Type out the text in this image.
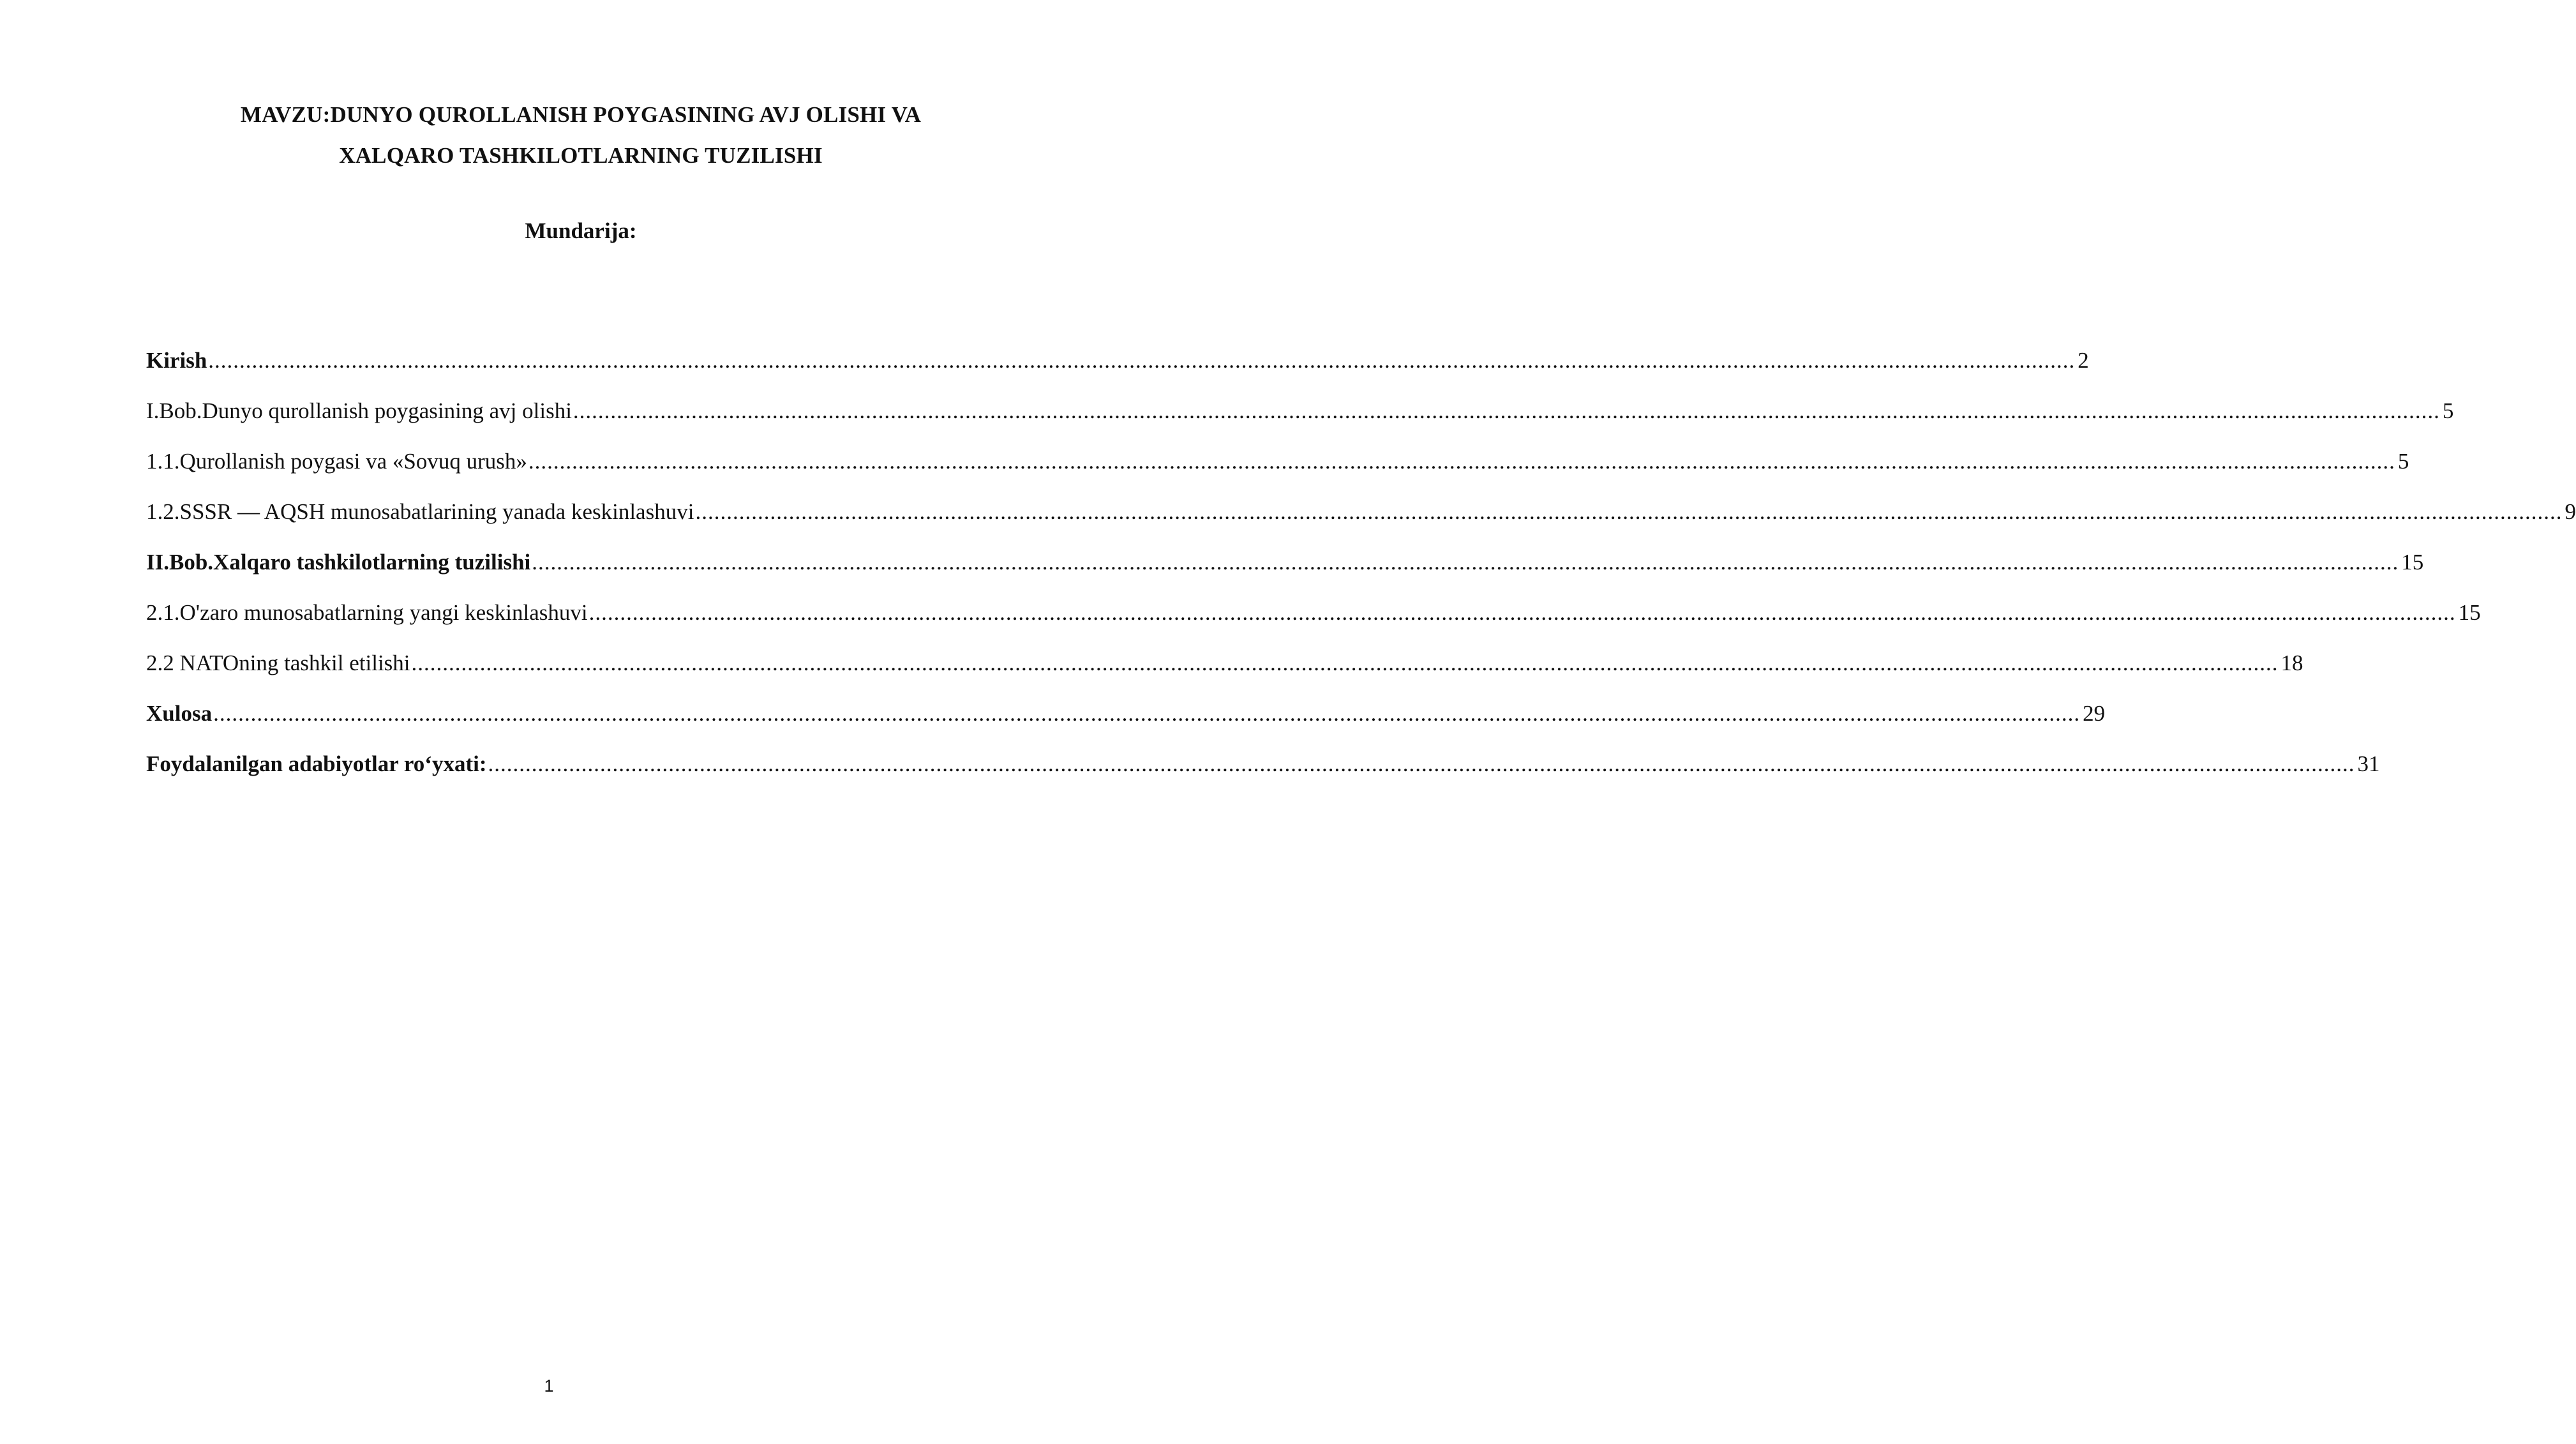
MAVZU:DUNYO QUROLLANISH POYGASINING AVJ OLISHI VA
XALQARO TASHKILOTLARNING TUZILISHI
Mundarija:
Kirish ............................................................................................................................................................................................................................................................................................................ 2
I.Bob.Dunyo qurollanish poygasining avj olishi ............................................................................................................................................................................................................................................................................................................ 5
1.1.Qurollanish poygasi va «Sovuq urush» ............................................................................................................................................................................................................................................................................................................ 5
1.2.SSSR — AQSH munosabatlarining yanada keskinlashuvi ............................................................................................................................................................................................................................................................................................................ 9
II.Bob.Xalqaro tashkilotlarning tuzilishi ............................................................................................................................................................................................................................................................................................................ 15
2.1.O'zaro munosabatlarning yangi keskinlashuvi ............................................................................................................................................................................................................................................................................................................ 15
2.2 NATOning tashkil etilishi ............................................................................................................................................................................................................................................................................................................ 18
Xulosa ............................................................................................................................................................................................................................................................................................................ 29
Foydalanilgan adabiyotlar ro‘yxati: ............................................................................................................................................................................................................................................................................................................ 31
1
